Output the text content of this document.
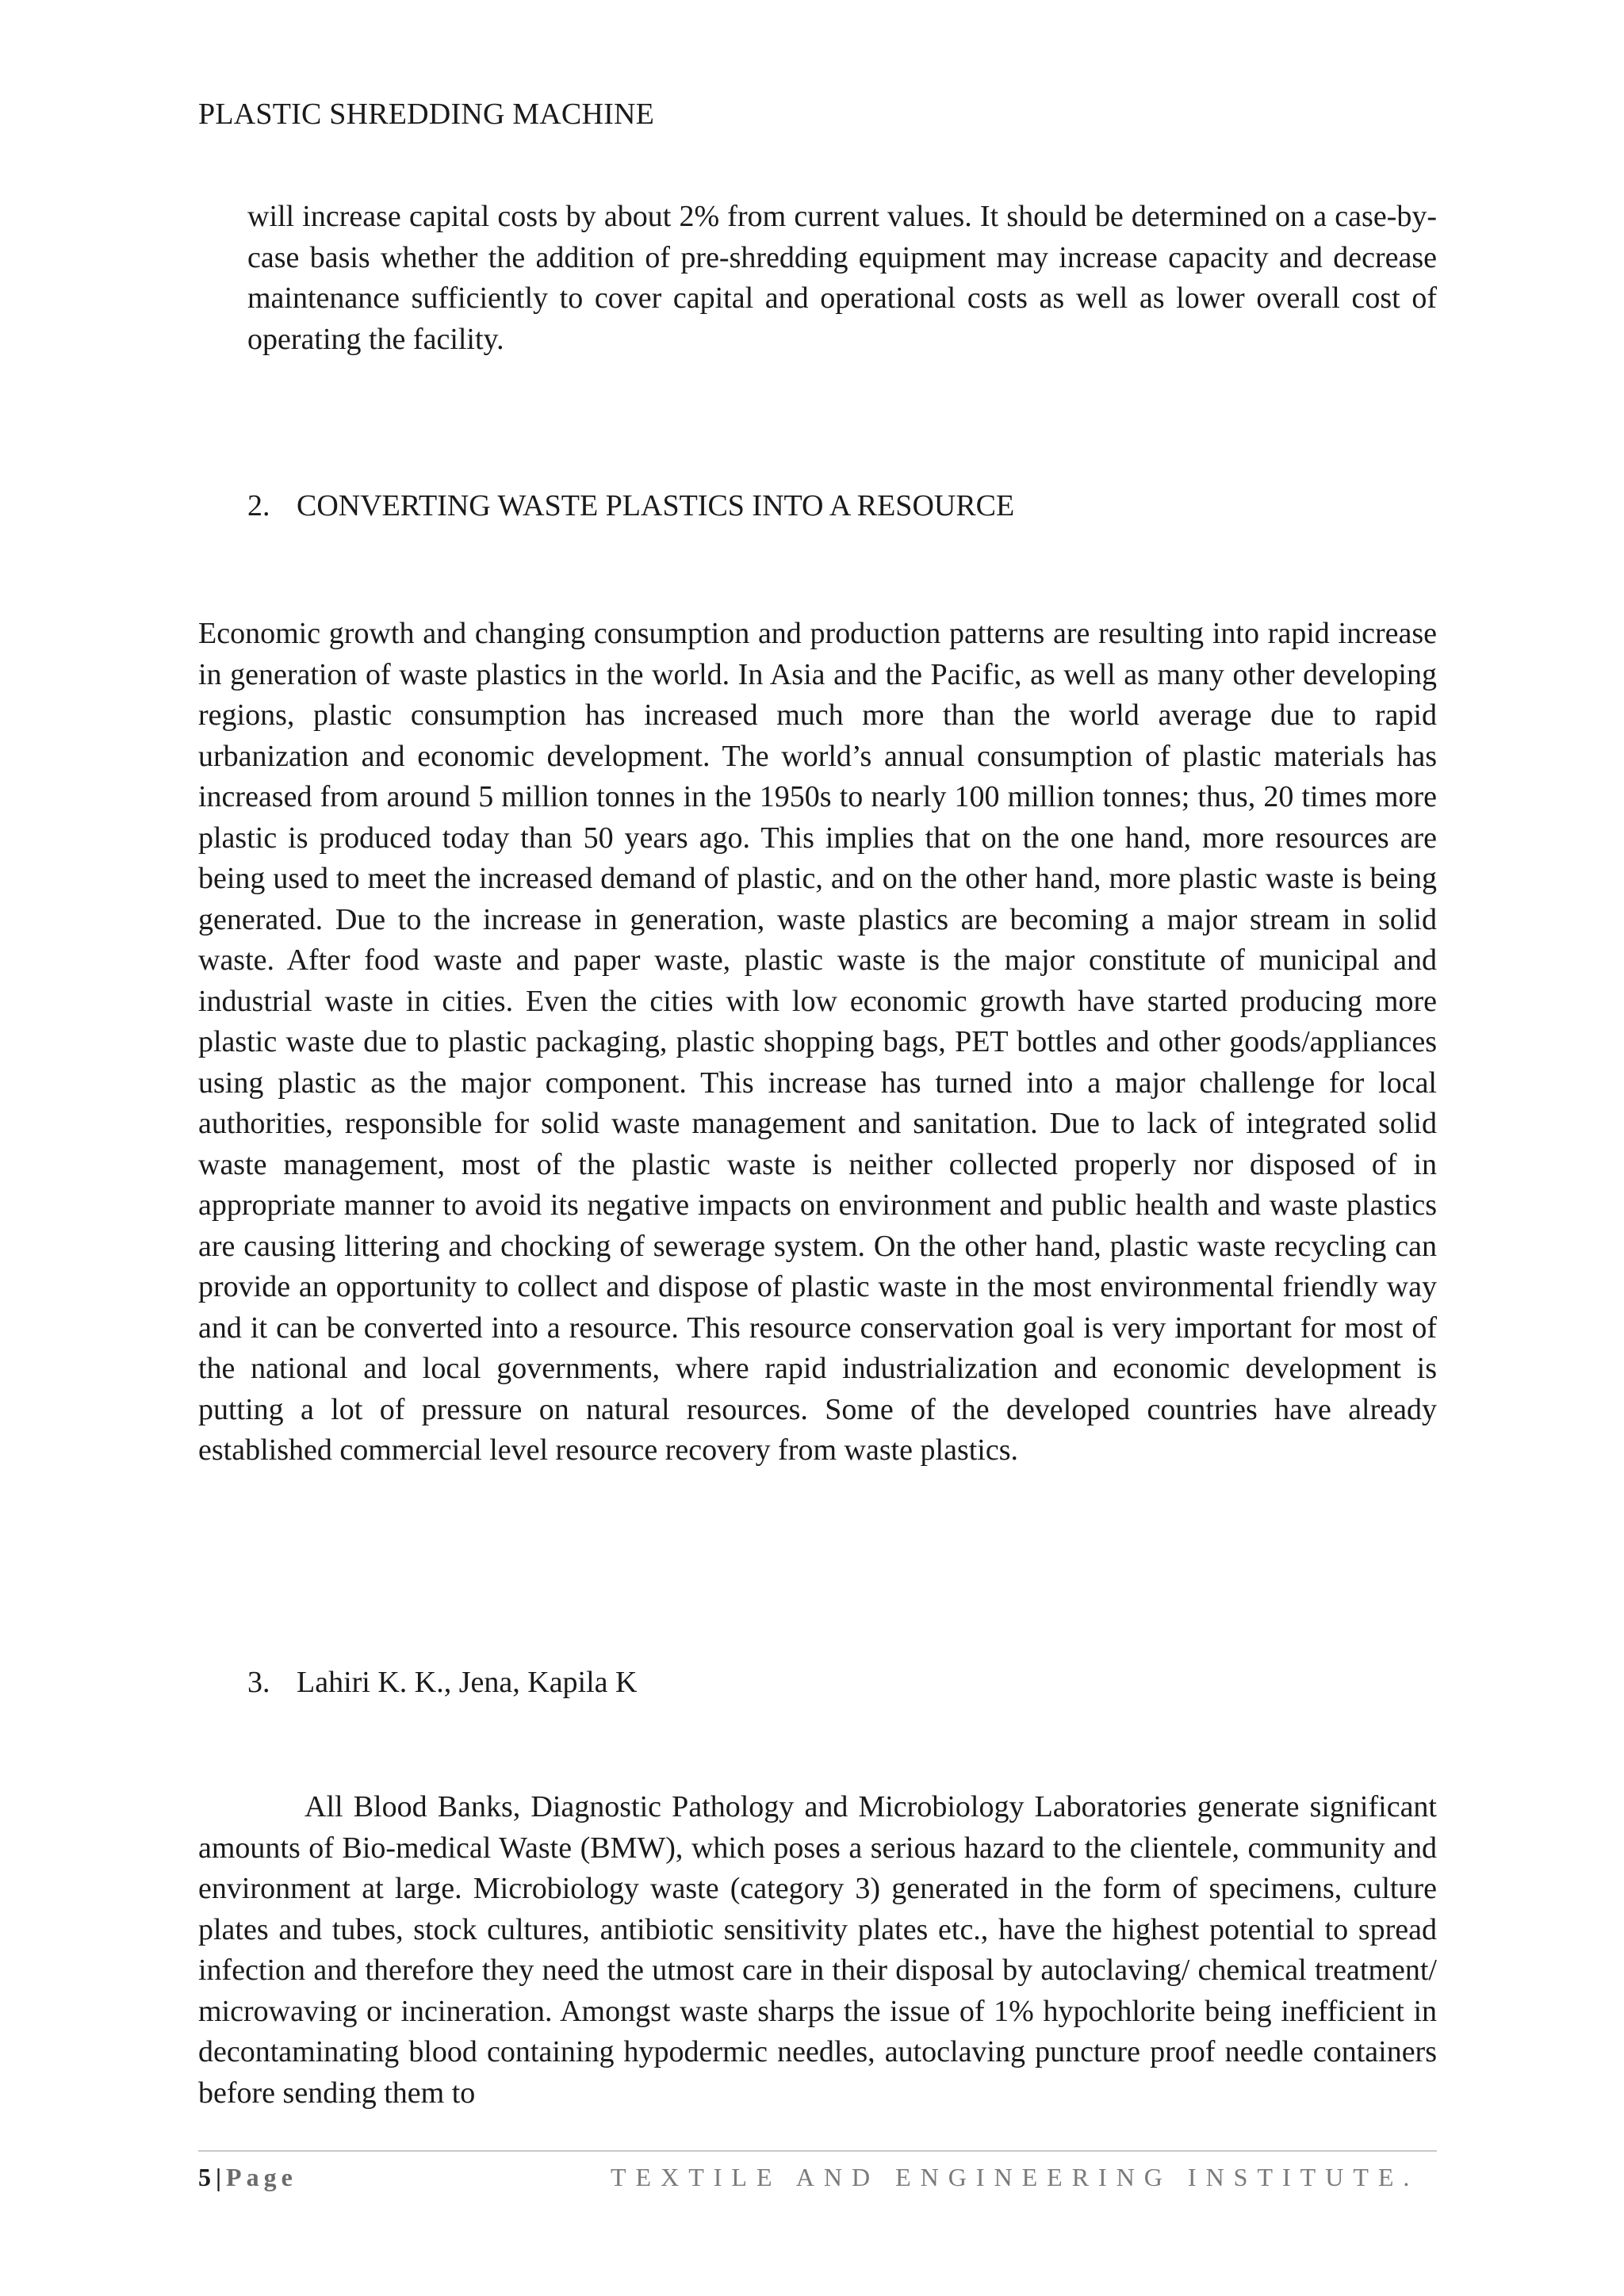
PLASTIC SHREDDING MACHINE

will increase capital costs by about 2% from current values. It should be determined on a case-by-case basis whether the addition of pre-shredding equipment may increase capacity and decrease maintenance sufficiently to cover capital and operational costs as well as lower overall cost of operating the facility.

2. CONVERTING WASTE PLASTICS INTO A RESOURCE

Economic growth and changing consumption and production patterns are resulting into rapid increase in generation of waste plastics in the world. In Asia and the Pacific, as well as many other developing regions, plastic consumption has increased much more than the world average due to rapid urbanization and economic development. The world’s annual consumption of plastic materials has increased from around 5 million tonnes in the 1950s to nearly 100 million tonnes; thus, 20 times more plastic is produced today than 50 years ago. This implies that on the one hand, more resources are being used to meet the increased demand of plastic, and on the other hand, more plastic waste is being generated. Due to the increase in generation, waste plastics are becoming a major stream in solid waste. After food waste and paper waste, plastic waste is the major constitute of municipal and industrial waste in cities. Even the cities with low economic growth have started producing more plastic waste due to plastic packaging, plastic shopping bags, PET bottles and other goods/appliances using plastic as the major component. This increase has turned into a major challenge for local authorities, responsible for solid waste management and sanitation. Due to lack of integrated solid waste management, most of the plastic waste is neither collected properly nor disposed of in appropriate manner to avoid its negative impacts on environment and public health and waste plastics are causing littering and chocking of sewerage system. On the other hand, plastic waste recycling can provide an opportunity to collect and dispose of plastic waste in the most environmental friendly way and it can be converted into a resource. This resource conservation goal is very important for most of the national and local governments, where rapid industrialization and economic development is putting a lot of pressure on natural resources. Some of the developed countries have already established commercial level resource recovery from waste plastics.

3. Lahiri K. K., Jena, Kapila K

All Blood Banks, Diagnostic Pathology and Microbiology Laboratories generate significant amounts of Bio-medical Waste (BMW), which poses a serious hazard to the clientele, community and environment at large. Microbiology waste (category 3) generated in the form of specimens, culture plates and tubes, stock cultures, antibiotic sensitivity plates etc., have the highest potential to spread infection and therefore they need the utmost care in their disposal by autoclaving/ chemical treatment/ microwaving or incineration. Amongst waste sharps the issue of 1% hypochlorite being inefficient in decontaminating blood containing hypodermic needles, autoclaving puncture proof needle containers before sending them to

5 | Page	TEXTILE AND ENGINEERING INSTITUTE.
